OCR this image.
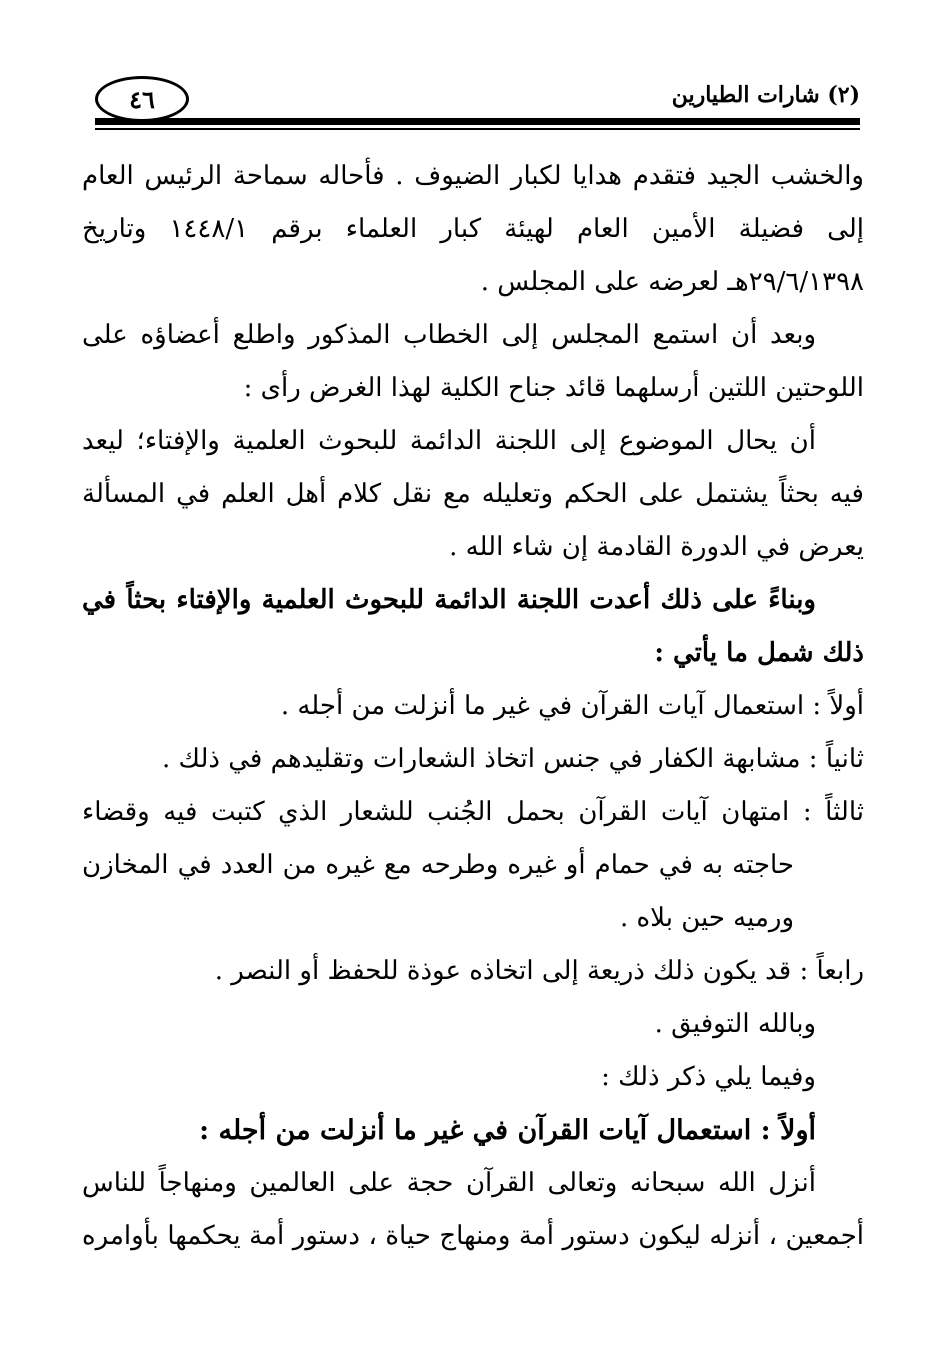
٤٦	(٢) شارات الطيارين
والخشب الجيد فتقدم هدايا لكبار الضيوف . فأحاله سماحة الرئيس العام
إلى فضيلة الأمين العام لهيئة كبار العلماء برقم ١٤٤٨/١ وتاريخ
٢٩/٦/١٣٩٨هـ لعرضه على المجلس .
وبعد أن استمع المجلس إلى الخطاب المذكور واطلع أعضاؤه على
اللوحتين اللتين أرسلهما قائد جناح الكلية لهذا الغرض رأى :
أن يحال الموضوع إلى اللجنة الدائمة للبحوث العلمية والإفتاء؛ ليعد
فيه بحثاً يشتمل على الحكم وتعليله مع نقل كلام أهل العلم في المسألة
يعرض في الدورة القادمة إن شاء الله .
وبناءً على ذلك أعدت اللجنة الدائمة للبحوث العلمية والإفتاء بحثاً في
ذلك شمل ما يأتي :
أولاً : استعمال آيات القرآن في غير ما أنزلت من أجله .
ثانياً : مشابهة الكفار في جنس اتخاذ الشعارات وتقليدهم في ذلك .
ثالثاً : امتهان آيات القرآن بحمل الجُنب للشعار الذي كتبت فيه وقضاء
حاجته به في حمام أو غيره وطرحه مع غيره من العدد في المخازن
ورميه حين بلاه .
رابعاً : قد يكون ذلك ذريعة إلى اتخاذه عوذة للحفظ أو النصر .
وبالله التوفيق .
وفيما يلي ذكر ذلك :
أولاً : استعمال آيات القرآن في غير ما أنزلت من أجله :
أنزل الله سبحانه وتعالى القرآن حجة على العالمين ومنهاجاً للناس
أجمعين ، أنزله ليكون دستور أمة ومنهاج حياة ، دستور أمة يحكمها بأوامره
